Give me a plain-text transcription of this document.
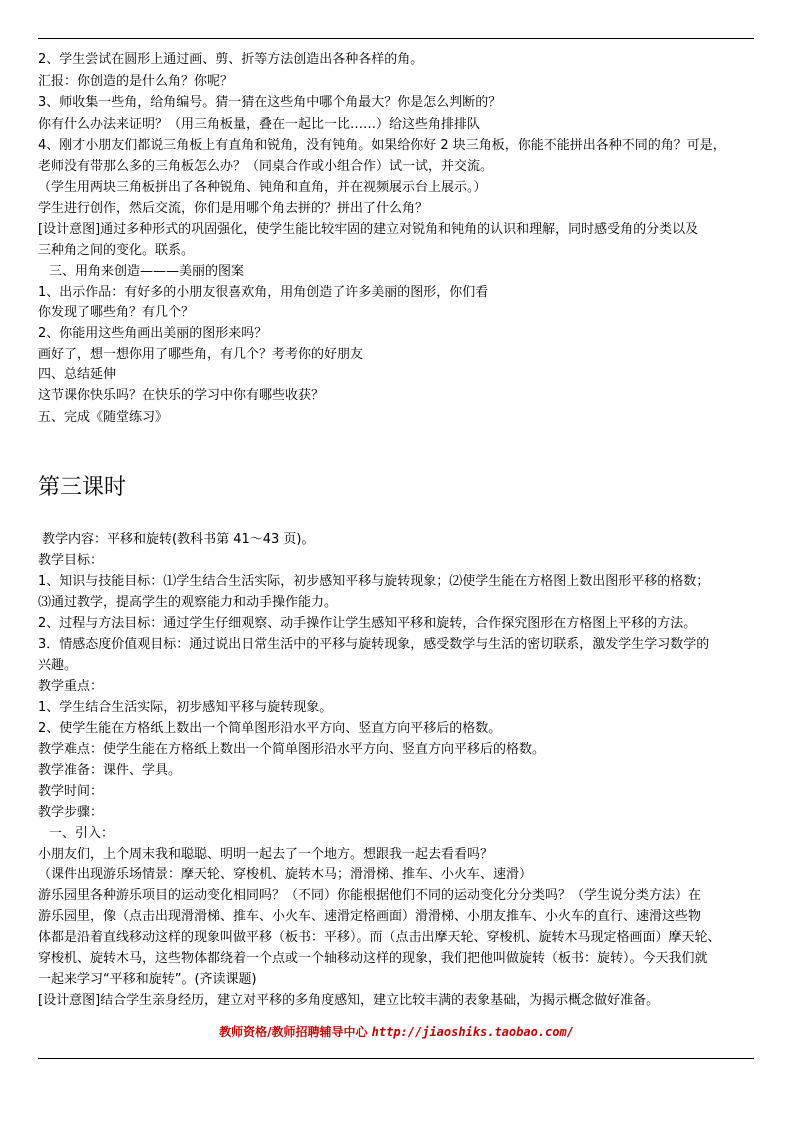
2、学生尝试在圆形上通过画、剪、折等方法创造出各种各样的角。
汇报：你创造的是什么角？你呢？
3、师收集一些角，给角编号。猜一猜在这些角中哪个角最大？你是怎么判断的？
你有什么办法来证明？（用三角板量，叠在一起比一比……）给这些角排排队
4、刚才小朋友们都说三角板上有直角和锐角，没有钝角。如果给你好 2 块三角板，你能不能拼出各种不同的角？可是，
老师没有带那么多的三角板怎么办？（同桌合作或小组合作）试一试，并交流。
（学生用两块三角板拼出了各种锐角、钝角和直角，并在视频展示台上展示。）
学生进行创作，然后交流，你们是用哪个角去拼的？拼出了什么角？
[设计意图]通过多种形式的巩固强化，使学生能比较牢固的建立对锐角和钝角的认识和理解，同时感受角的分类以及
三种角之间的变化。联系。
三、用角来创造———美丽的图案
1、出示作品：有好多的小朋友很喜欢角，用角创造了许多美丽的图形，你们看
你发现了哪些角？有几个？
2、你能用这些角画出美丽的图形来吗？
画好了，想一想你用了哪些角，有几个？考考你的好朋友
四、总结延伸
这节课你快乐吗？在快乐的学习中你有哪些收获？
五、完成《随堂练习》
第三课时
教学内容：平移和旋转(教科书第 41～43 页)。
教学目标：
1、知识与技能目标：⑴学生结合生活实际，初步感知平移与旋转现象；⑵使学生能在方格图上数出图形平移的格数；
⑶通过教学，提高学生的观察能力和动手操作能力。
2、过程与方法目标：通过学生仔细观察、动手操作让学生感知平移和旋转，合作探究图形在方格图上平移的方法。
3．情感态度价值观目标：通过说出日常生活中的平移与旋转现象，感受数学与生活的密切联系，激发学生学习数学的
兴趣。
教学重点：
1、学生结合生活实际，初步感知平移与旋转现象。
2、使学生能在方格纸上数出一个简单图形沿水平方向、竖直方向平移后的格数。
教学难点：使学生能在方格纸上数出一个简单图形沿水平方向、竖直方向平移后的格数。
教学准备：课件、学具。
教学时间：
教学步骤：
一、引入：
小朋友们，上个周末我和聪聪、明明一起去了一个地方。想跟我一起去看看吗？
（课件出现游乐场情景：摩天轮、穿梭机、旋转木马；滑滑梯、推车、小火车、速滑）
游乐园里各种游乐项目的运动变化相同吗？（不同）你能根据他们不同的运动变化分分类吗？（学生说分类方法）在
游乐园里，像（点击出现滑滑梯、推车、小火车、速滑定格画面）滑滑梯、小朋友推车、小火车的直行、速滑这些物
体都是沿着直线移动这样的现象叫做平移（板书：平移）。而（点击出摩天轮、穿梭机、旋转木马现定格画面）摩天轮、
穿梭机、旋转木马，这些物体都绕着一个点或一个轴移动这样的现象，我们把他叫做旋转（板书：旋转）。今天我们就
一起来学习“平移和旋转”。(齐读课题)
[设计意图]结合学生亲身经历，建立对平移的多角度感知，建立比较丰满的表象基础，为揭示概念做好准备。
教师资格/教师招聘辅导中心 http://jiaoshiks.taobao.com/
